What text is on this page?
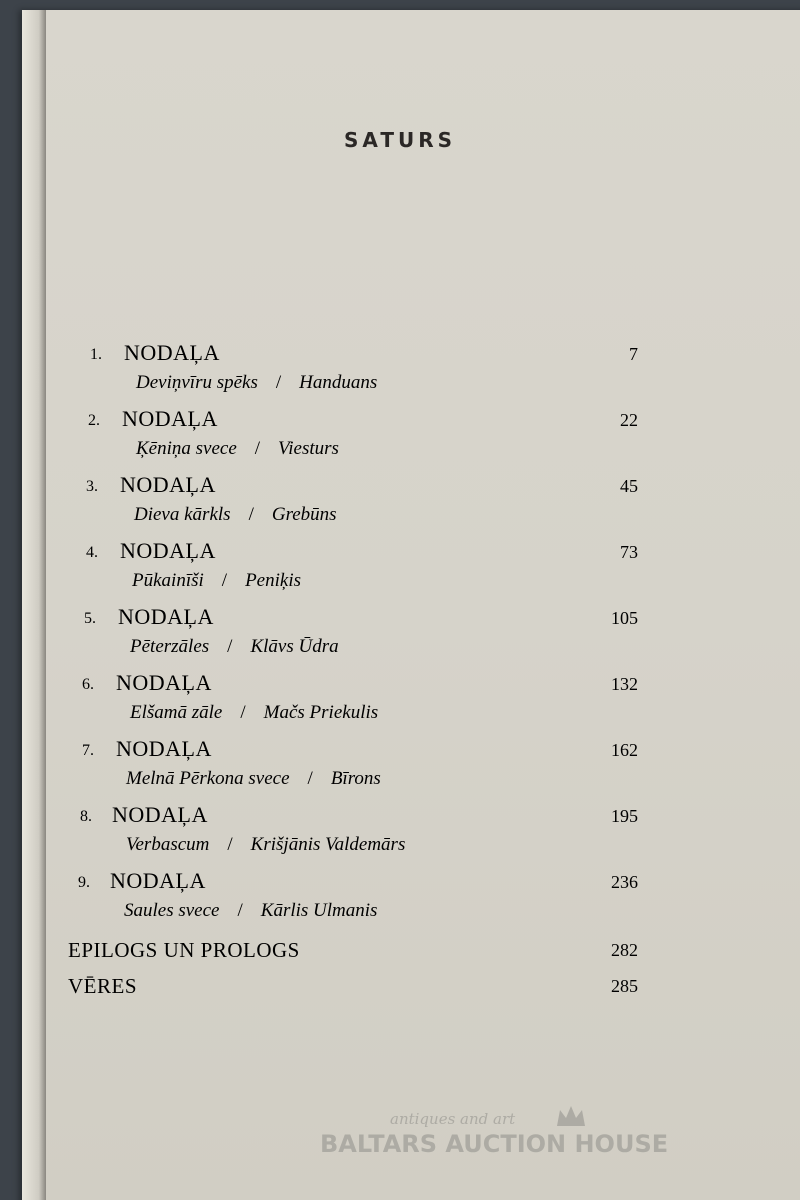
SATURS
1. NODAĻA
Deviņvīru spēks / Handuans
7
2. NODAĻA
Ķēniņa svece / Viesturs
22
3. NODAĻA
Dieva kārkls / Grebūns
45
4. NODAĻA
Pūkainīši / Peniķis
73
5. NODAĻA
Pēterzāles / Klāvs Ūdra
105
6. NODAĻA
Elšamā zāle / Mačs Priekulis
132
7. NODAĻA
Melnā Pērkona svece / Bīrons
162
8. NODAĻA
Verbascum / Krišjānis Valdemārs
195
9. NODAĻA
Saules svece / Kārlis Ulmanis
236
EPILOGS UN PROLOGS	282
VĒRES	285
antiques and art
BALTARS AUCTION HOUSE
